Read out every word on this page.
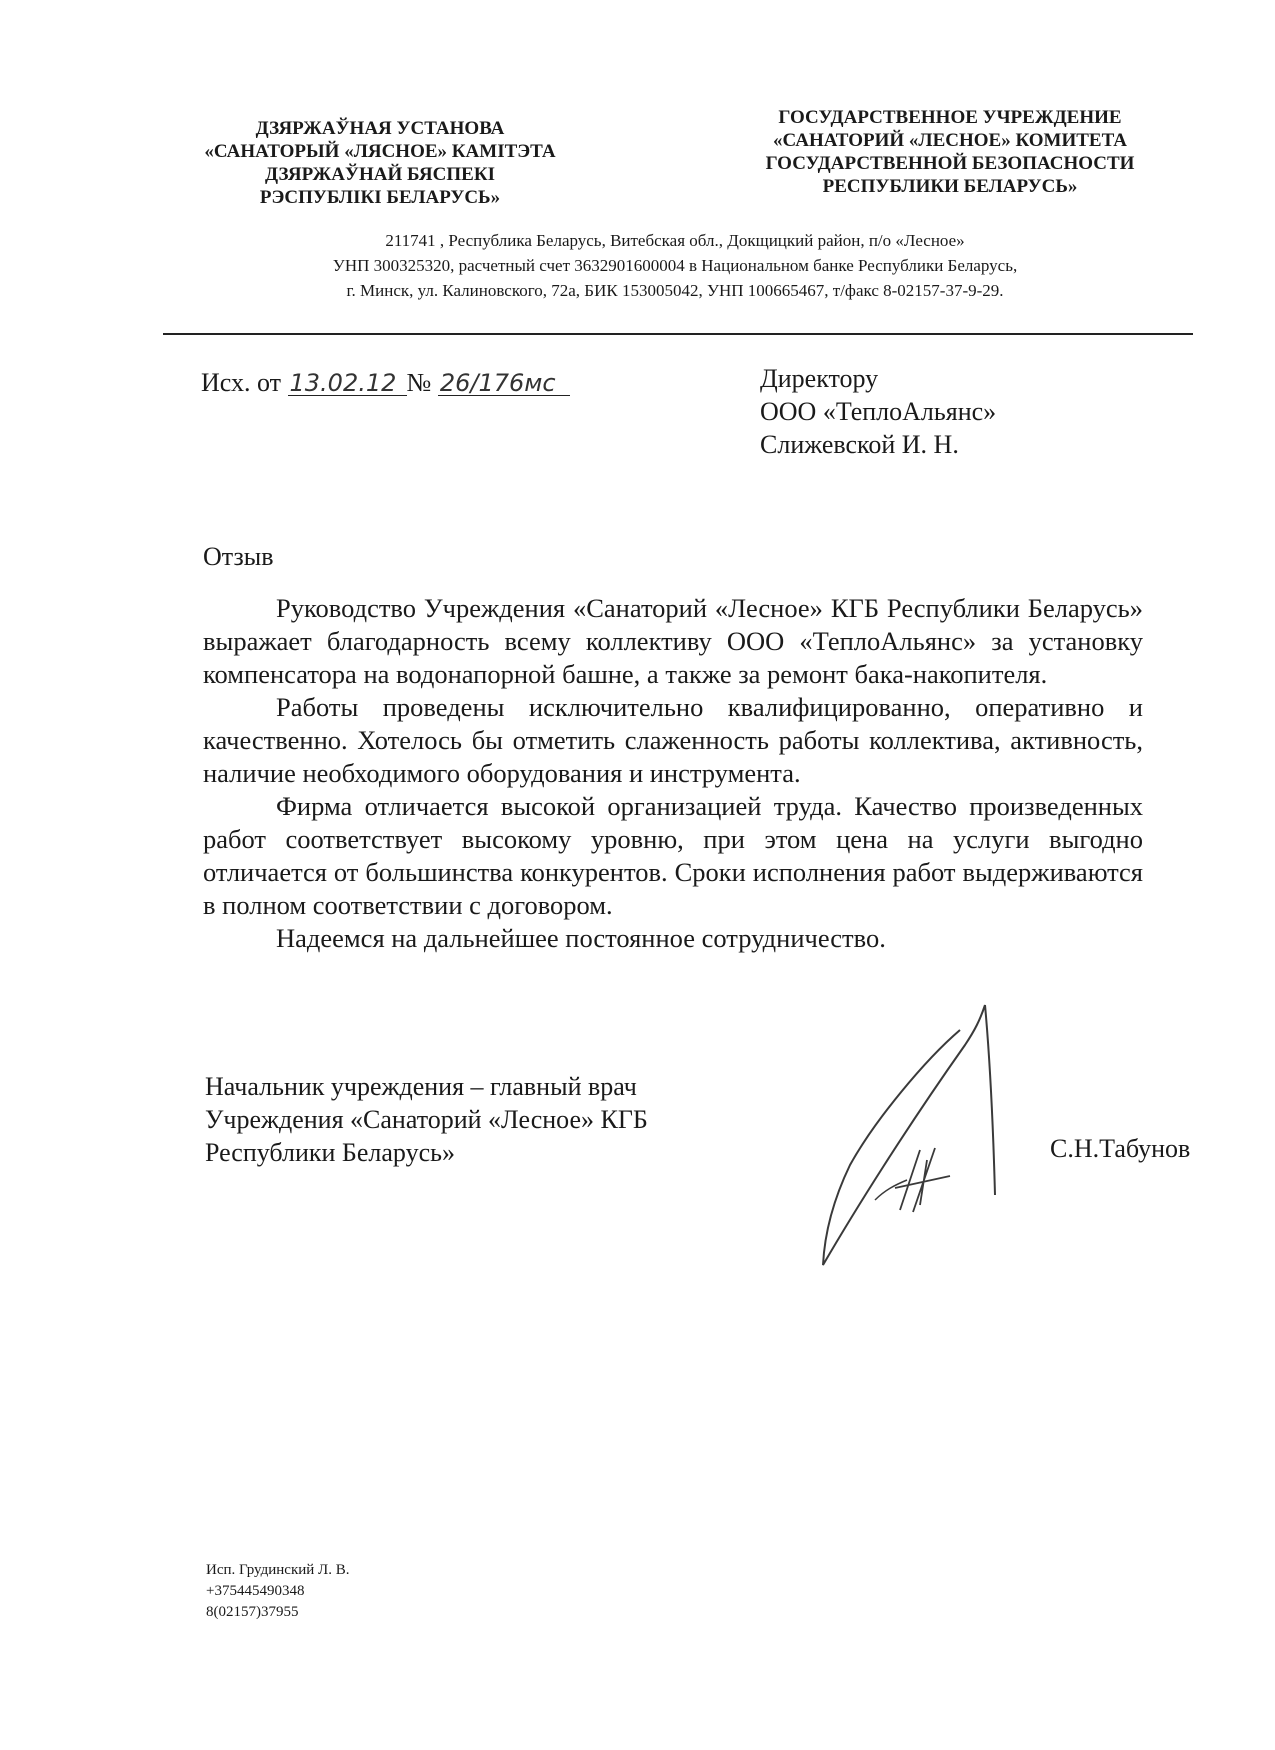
ДЗЯРЖАЎНАЯ УСТАНОВА
«САНАТОРЫЙ «ЛЯСНОЕ» КАМІТЭТА
ДЗЯРЖАЎНАЙ БЯСПЕКІ
РЭСПУБЛІКІ БЕЛАРУСЬ»
ГОСУДАРСТВЕННОЕ УЧРЕЖДЕНИЕ
«САНАТОРИЙ «ЛЕСНОЕ» КОМИТЕТА
ГОСУДАРСТВЕННОЙ БЕЗОПАСНОСТИ
РЕСПУБЛИКИ БЕЛАРУСЬ»
211741 , Республика Беларусь, Витебская обл., Докщицкий район, п/о «Лесное»
УНП 300325320, расчетный счет 3632901600004 в Национальном банке Республики Беларусь,
г. Минск, ул. Калиновского, 72а, БИК 153005042, УНП 100665467, т/факс 8-02157-37-9-29.
Исх. от 13.02.12 № 26/176мс	Директору
ООО «ТеплоАльянс»
Слижевской И. Н.
Отзыв

Руководство Учреждения «Санаторий «Лесное» КГБ Республики Беларусь» выражает благодарность всему коллективу ООО «ТеплоАльянс» за установку компенсатора на водонапорной башне, а также за ремонт бака-накопителя.

Работы проведены исключительно квалифицированно, оперативно и качественно. Хотелось бы отметить слаженность работы коллектива, активность, наличие необходимого оборудования и инструмента.

Фирма отличается высокой организацией труда. Качество произведенных работ соответствует высокому уровню, при этом цена на услуги выгодно отличается от большинства конкурентов. Сроки исполнения работ выдерживаются в полном соответствии с договором.

Надеемся на дальнейшее постоянное сотрудничество.

Начальник учреждения – главный врач
Учреждения «Санаторий «Лесное» КГБ
Республики Беларусь»	С.Н.Табунов
Исп. Грудинский Л. В.
+375445490348
8(02157)37955
